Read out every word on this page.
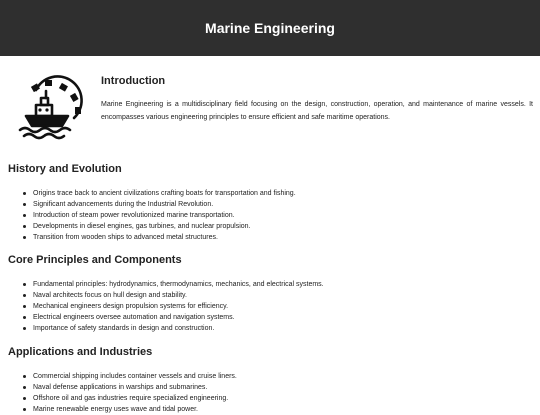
Marine Engineering
Introduction

Marine Engineering is a multidisciplinary field focusing on the design, construction, operation, and maintenance of marine vessels. It encompasses various engineering principles to ensure efficient and safe maritime operations.

History and Evolution
Origins trace back to ancient civilizations crafting boats for transportation and fishing.
Significant advancements during the Industrial Revolution.
Introduction of steam power revolutionized marine transportation.
Developments in diesel engines, gas turbines, and nuclear propulsion.
Transition from wooden ships to advanced metal structures.
Core Principles and Components
Fundamental principles: hydrodynamics, thermodynamics, mechanics, and electrical systems.
Naval architects focus on hull design and stability.
Mechanical engineers design propulsion systems for efficiency.
Electrical engineers oversee automation and navigation systems.
Importance of safety standards in design and construction.
Applications and Industries
Commercial shipping includes container vessels and cruise liners.
Naval defense applications in warships and submarines.
Offshore oil and gas industries require specialized engineering.
Marine renewable energy uses wave and tidal power.
